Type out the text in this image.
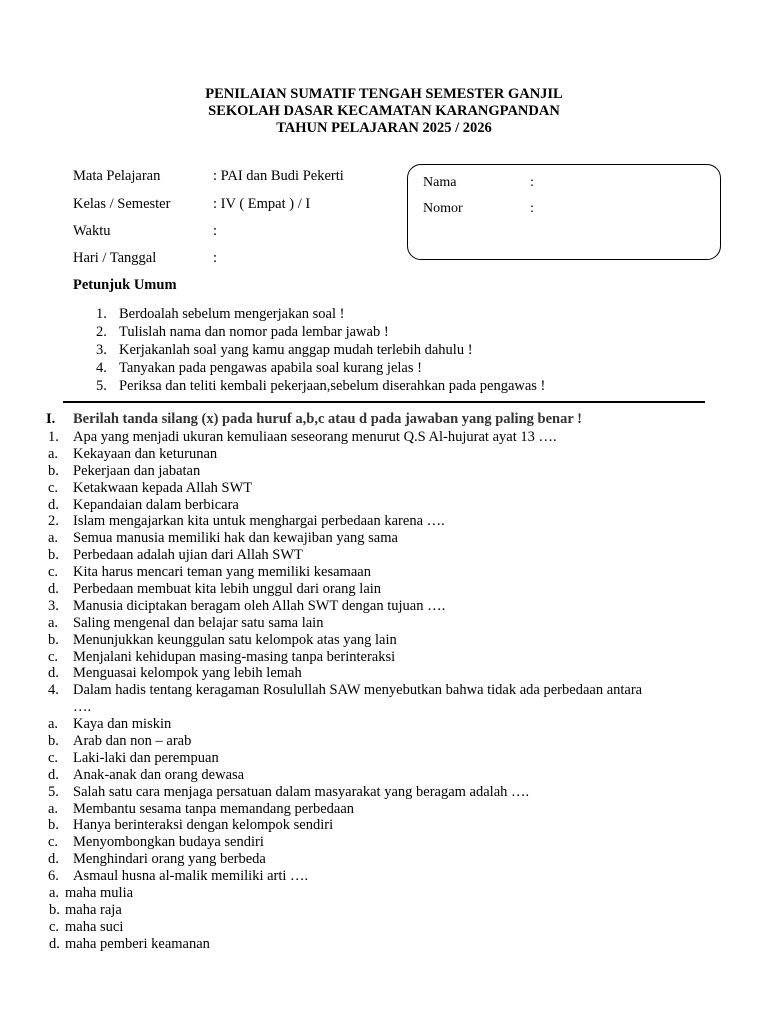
PENILAIAN SUMATIF TENGAH SEMESTER GANJIL
SEKOLAH DASAR KECAMATAN KARANGPANDAN
TAHUN PELAJARAN 2025 / 2026
Mata Pelajaran	: PAI dan Budi Pekerti
Kelas / Semester	: IV ( Empat ) / I
Waktu	:
Hari / Tanggal	:
Nama	:
Nomor	:
Petunjuk Umum
1. Berdoalah sebelum mengerjakan soal !
2. Tulislah nama dan nomor pada lembar jawab !
3. Kerjakanlah soal yang kamu anggap mudah terlebih dahulu !
4. Tanyakan pada pengawas apabila soal kurang jelas !
5. Periksa dan teliti kembali pekerjaan,sebelum diserahkan pada pengawas !
I. Berilah tanda silang (x) pada huruf a,b,c atau d pada jawaban yang paling benar !
1. Apa yang menjadi ukuran kemuliaan seseorang menurut Q.S Al-hujurat ayat 13 ….
a. Kekayaan dan keturunan
b. Pekerjaan dan jabatan
c. Ketakwaan kepada Allah SWT
d. Kepandaian dalam berbicara
2. Islam mengajarkan kita untuk menghargai perbedaan karena ….
a. Semua manusia memiliki hak dan kewajiban yang sama
b. Perbedaan adalah ujian dari Allah SWT
c. Kita harus mencari teman yang memiliki kesamaan
d. Perbedaan membuat kita lebih unggul dari orang lain
3. Manusia diciptakan beragam oleh Allah SWT dengan tujuan ….
a. Saling mengenal dan belajar satu sama lain
b. Menunjukkan keunggulan satu kelompok atas yang lain
c. Menjalani kehidupan masing-masing tanpa berinteraksi
d. Menguasai kelompok yang lebih lemah
4. Dalam hadis tentang keragaman Rosulullah SAW menyebutkan bahwa tidak ada perbedaan antara
….
a. Kaya dan miskin
b. Arab dan non – arab
c. Laki-laki dan perempuan
d. Anak-anak dan orang dewasa
5. Salah satu cara menjaga persatuan dalam masyarakat yang beragam adalah ….
a. Membantu sesama tanpa memandang perbedaan
b. Hanya berinteraksi dengan kelompok sendiri
c. Menyombongkan budaya sendiri
d. Menghindari orang yang berbeda
6. Asmaul husna al-malik memiliki arti ….
a. maha mulia
b. maha raja
c. maha suci
d. maha pemberi keamanan
